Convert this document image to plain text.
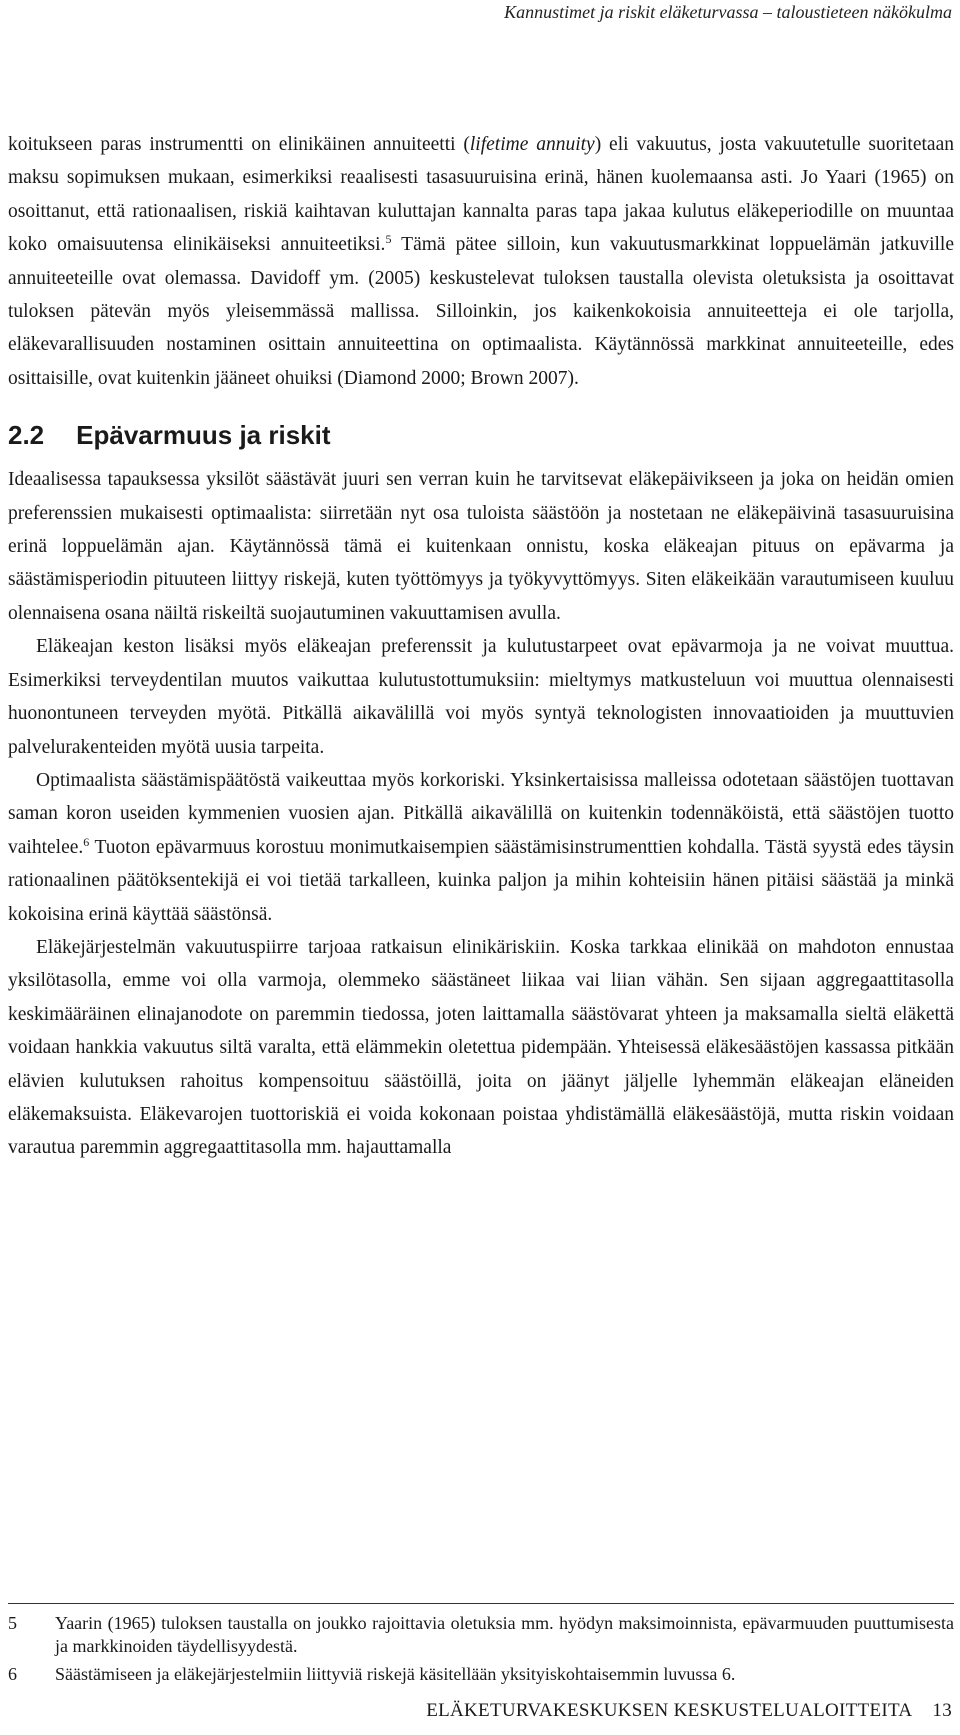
Kannustimet ja riskit eläketurvassa – taloustieteen näkökulma

koitukseen paras instrumentti on elinikäinen annuiteetti (lifetime annuity) eli vakuutus, josta vakuutetulle suoritetaan maksu sopimuksen mukaan, esimerkiksi reaalisesti tasasuuruisina erinä, hänen kuolemaansa asti. Jo Yaari (1965) on osoittanut, että rationaalisen, riskiä kaihtavan kuluttajan kannalta paras tapa jakaa kulutus eläkeperiodille on muuntaa koko omaisuutensa elinikäiseksi annuiteetiksi.$^5$ Tämä pätee silloin, kun vakuutusmarkkinat loppuelämän jatkuville annuiteeteille ovat olemassa. Davidoff ym. (2005) keskustelevat tuloksen taustalla olevista oletuksista ja osoittavat tuloksen pätevän myös yleisemmässä mallissa. Silloinkin, jos kaikenkokoisia annuiteetteja ei ole tarjolla, eläkevarallisuuden nostaminen osittain annuiteettina on optimaalista. Käytännössä markkinat annuiteeteille, edes osittaisille, ovat kuitenkin jääneet ohuiksi (Diamond 2000; Brown 2007).

2.2 Epävarmuus ja riskit

Ideaalisessa tapauksessa yksilöt säästävät juuri sen verran kuin he tarvitsevat eläkepäivikseen ja joka on heidän omien preferenssien mukaisesti optimaalista: siirretään nyt osa tuloista säästöön ja nostetaan ne eläkepäivinä tasasuuruisina erinä loppuelämän ajan. Käytännössä tämä ei kuitenkaan onnistu, koska eläkeajan pituus on epävarma ja säästämisperiodin pituuteen liittyy riskejä, kuten työttömyys ja työkyvyttömyys. Siten eläkeikään varautumiseen kuuluu olennaisena osana näiltä riskeiltä suojautuminen vakuuttamisen avulla.

Eläkeajan keston lisäksi myös eläkeajan preferenssit ja kulutustarpeet ovat epävarmoja ja ne voivat muuttua. Esimerkiksi terveydentilan muutos vaikuttaa kulutustottumuksiin: mieltymys matkusteluun voi muuttua olennaisesti huonontuneen terveyden myötä. Pitkällä aikavälillä voi myös syntyä teknologisten innovaatioiden ja muuttuvien palvelurakenteiden myötä uusia tarpeita.

Optimaalista säästämispäätöstä vaikeuttaa myös korkoriski. Yksinkertaisissa malleissa odotetaan säästöjen tuottavan saman koron useiden kymmenien vuosien ajan. Pitkällä aikavälillä on kuitenkin todennäköistä, että säästöjen tuotto vaihtelee.$^6$ Tuoton epävarmuus korostuu monimutkaisempien säästämisinstrumenttien kohdalla. Tästä syystä edes täysin rationaalinen päätöksentekijä ei voi tietää tarkalleen, kuinka paljon ja mihin kohteisiin hänen pitäisi säästää ja minkä kokoisina erinä käyttää säästönsä.

Eläkejärjestelmän vakuutuspiirre tarjoaa ratkaisun elinikäriskiin. Koska tarkkaa elinikää on mahdoton ennustaa yksilötasolla, emme voi olla varmoja, olemmeko säästäneet liikaa vai liian vähän. Sen sijaan aggregaattitasolla keskimääräinen elinajanodote on paremmin tiedossa, joten laittamalla säästövarat yhteen ja maksamalla sieltä eläkettä voidaan hankkia vakuutus siltä varalta, että elämmekin oletettua pidempään. Yhteisessä eläkesäästöjen kassassa pitkään elävien kulutuksen rahoitus kompensoituu säästöillä, joita on jäänyt jäljelle lyhemmän eläkeajan eläneiden eläkemaksuista. Eläkevarojen tuottoriskiä ei voida kokonaan poistaa yhdistämällä eläkesäästöjä, mutta riskin voidaan varautua paremmin aggregaattitasolla mm. hajauttamalla

5	Yaarin (1965) tuloksen taustalla on joukko rajoittavia oletuksia mm. hyödyn maksimoinnista, epävarmuuden puuttumisesta ja markkinoiden täydellisyydestä.
6	Säästämiseen ja eläkejärjestelmiin liittyviä riskejä käsitellään yksityiskohtaisemmin luvussa 6.
ELÄKETURVAKESKUKSEN KESKUSTELUALOITTEITA 13
